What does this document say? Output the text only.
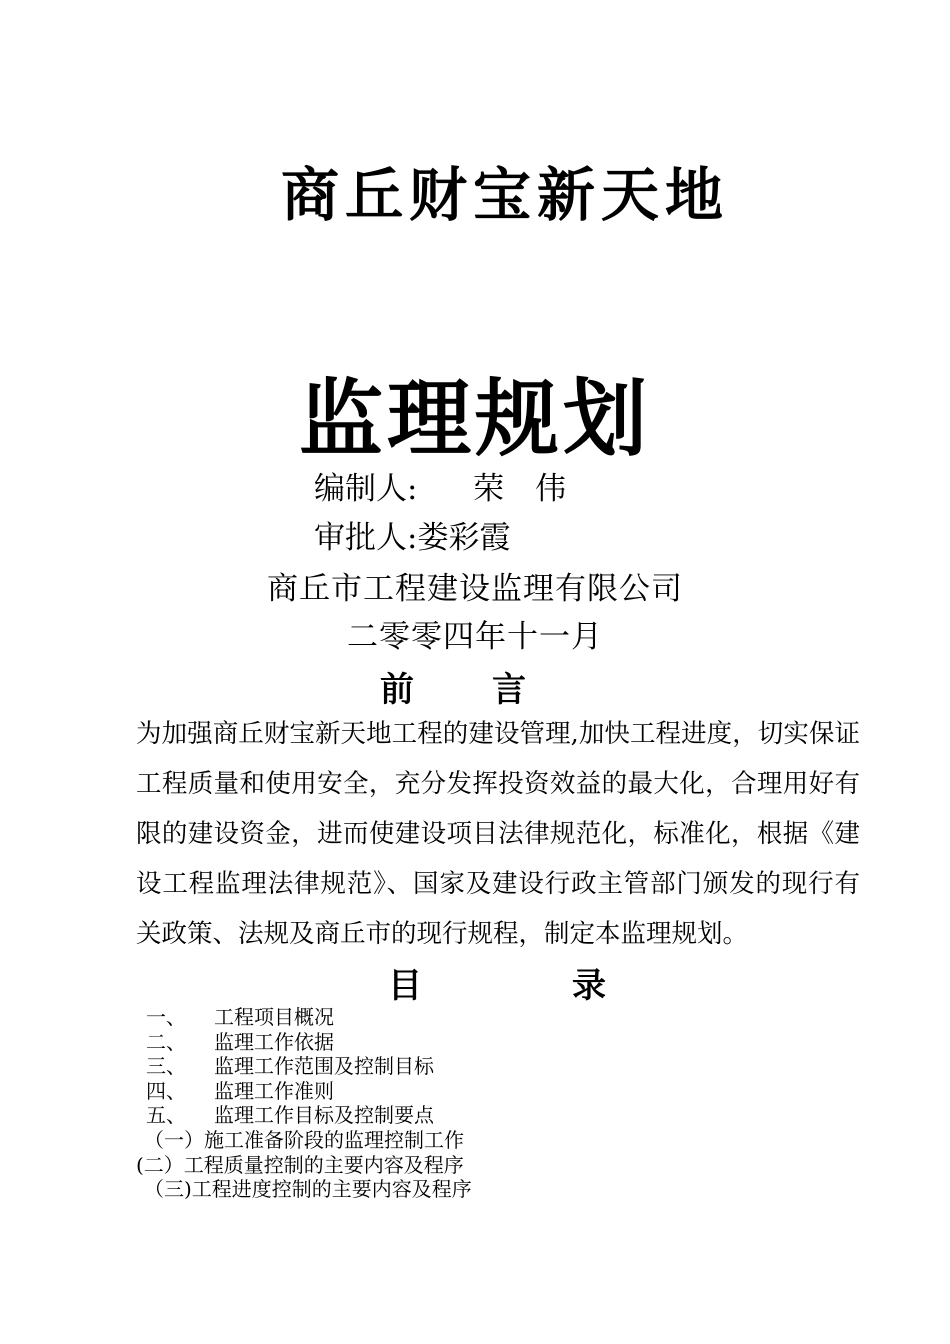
商丘财宝新天地
监理规划
编制人: 荣　伟
审批人:娄彩霞
商丘市工程建设监理有限公司
二零零四年十一月
前 言
为加强商丘财宝新天地工程的建设管理,加快工程进度，切实保证工程质量和使用安全，充分发挥投资效益的最大化，合理用好有限的建设资金，进而使建设项目法律规范化，标准化，根据《建设工程监理法律规范》、国家及建设行政主管部门颁发的现行有关政策、法规及商丘市的现行规程，制定本监理规划。
目	录
一、 工程项目概况
二、 监理工作依据
三、 监理工作范围及控制目标
四、 监理工作准则
五、 监理工作目标及控制要点
（一）施工准备阶段的监理控制工作
(二）工程质量控制的主要内容及程序
（三)工程进度控制的主要内容及程序
